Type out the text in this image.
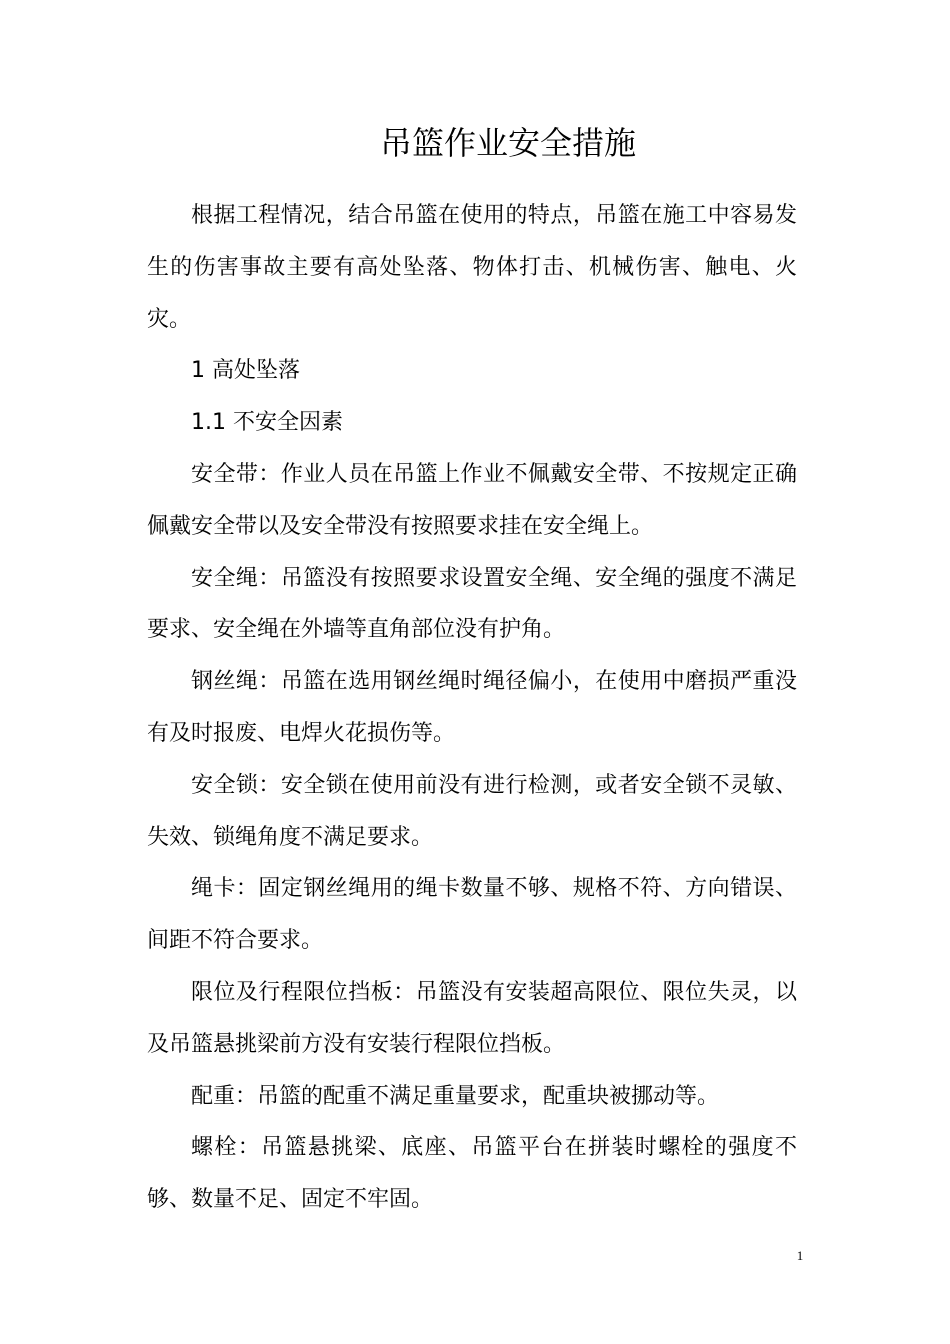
吊篮作业安全措施

根据工程情况，结合吊篮在使用的特点，吊篮在施工中容易发生的伤害事故主要有高处坠落、物体打击、机械伤害、触电、火灾。

1 高处坠落

1.1 不安全因素

安全带：作业人员在吊篮上作业不佩戴安全带、不按规定正确佩戴安全带以及安全带没有按照要求挂在安全绳上。

安全绳：吊篮没有按照要求设置安全绳、安全绳的强度不满足要求、安全绳在外墙等直角部位没有护角。

钢丝绳：吊篮在选用钢丝绳时绳径偏小，在使用中磨损严重没有及时报废、电焊火花损伤等。

安全锁：安全锁在使用前没有进行检测，或者安全锁不灵敏、失效、锁绳角度不满足要求。

绳卡：固定钢丝绳用的绳卡数量不够、规格不符、方向错误、间距不符合要求。

限位及行程限位挡板：吊篮没有安装超高限位、限位失灵，以及吊篮悬挑梁前方没有安装行程限位挡板。

配重：吊篮的配重不满足重量要求，配重块被挪动等。

螺栓：吊篮悬挑梁、底座、吊篮平台在拼装时螺栓的强度不够、数量不足、固定不牢固。

1
